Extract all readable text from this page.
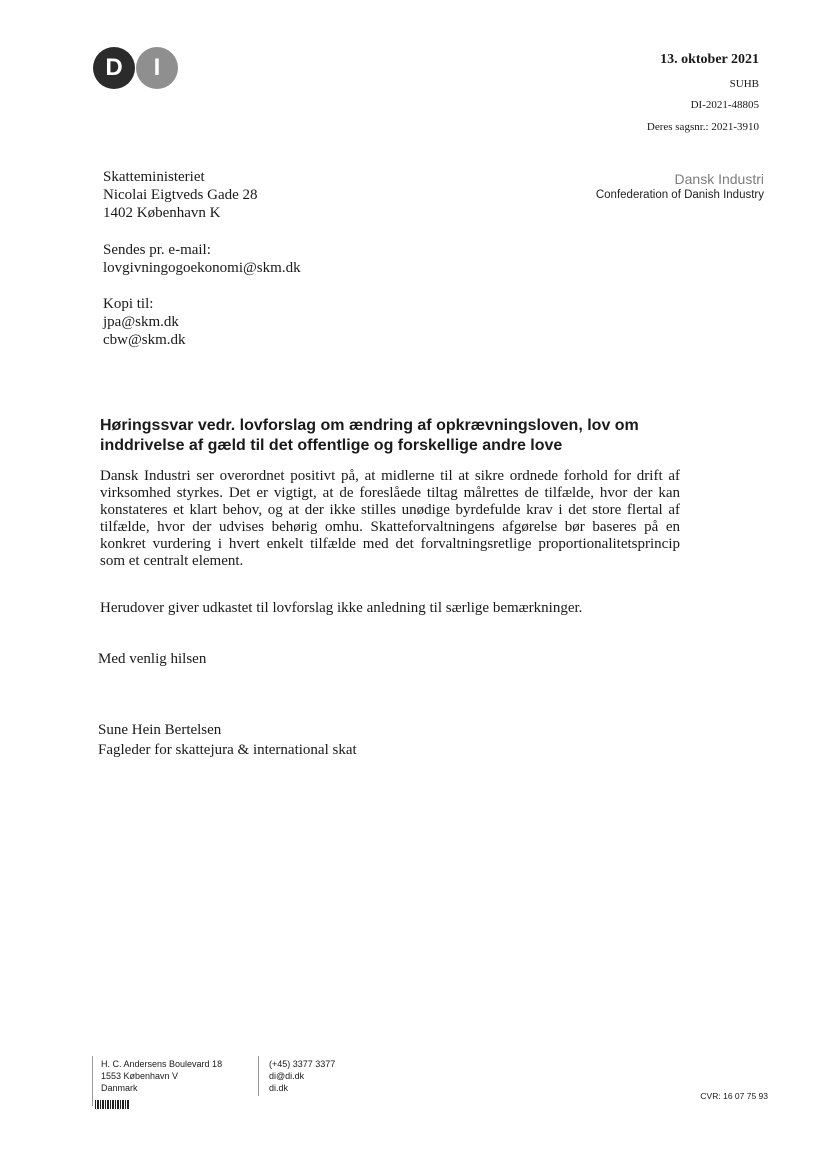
D	I	13. oktober 2021
SUHB
DI-2021-48805
Deres sagsnr.: 2021-3910
Dansk Industri
Confederation of Danish Industry
Skatteministeriet
Nicolai Eigtveds Gade 28
1402 København K
Sendes pr. e-mail:
lovgivningogoekonomi@skm.dk
Kopi til:
jpa@skm.dk
cbw@skm.dk
Høringssvar vedr. lovforslag om ændring af opkrævningsloven, lov om inddrivelse af gæld til det offentlige og forskellige andre love
Dansk Industri ser overordnet positivt på, at midlerne til at sikre ordnede forhold for drift af virksomhed styrkes. Det er vigtigt, at de foreslåede tiltag målrettes de tilfælde, hvor der kan konstateres et klart behov, og at der ikke stilles unødige byrdefulde krav i det store flertal af tilfælde, hvor der udvises behørig omhu. Skatteforvaltningens afgørelse bør baseres på en konkret vurdering i hvert enkelt tilfælde med det forvaltningsretlige proportionalitetsprincip som et centralt element.
Herudover giver udkastet til lovforslag ikke anledning til særlige bemærkninger.
Med venlig hilsen
Sune Hein Bertelsen
Fagleder for skattejura & international skat
H. C. Andersens Boulevard 18
1553 København V
Danmark
(+45) 3377 3377
di@di.dk
di.dk
CVR: 16 07 75 93
